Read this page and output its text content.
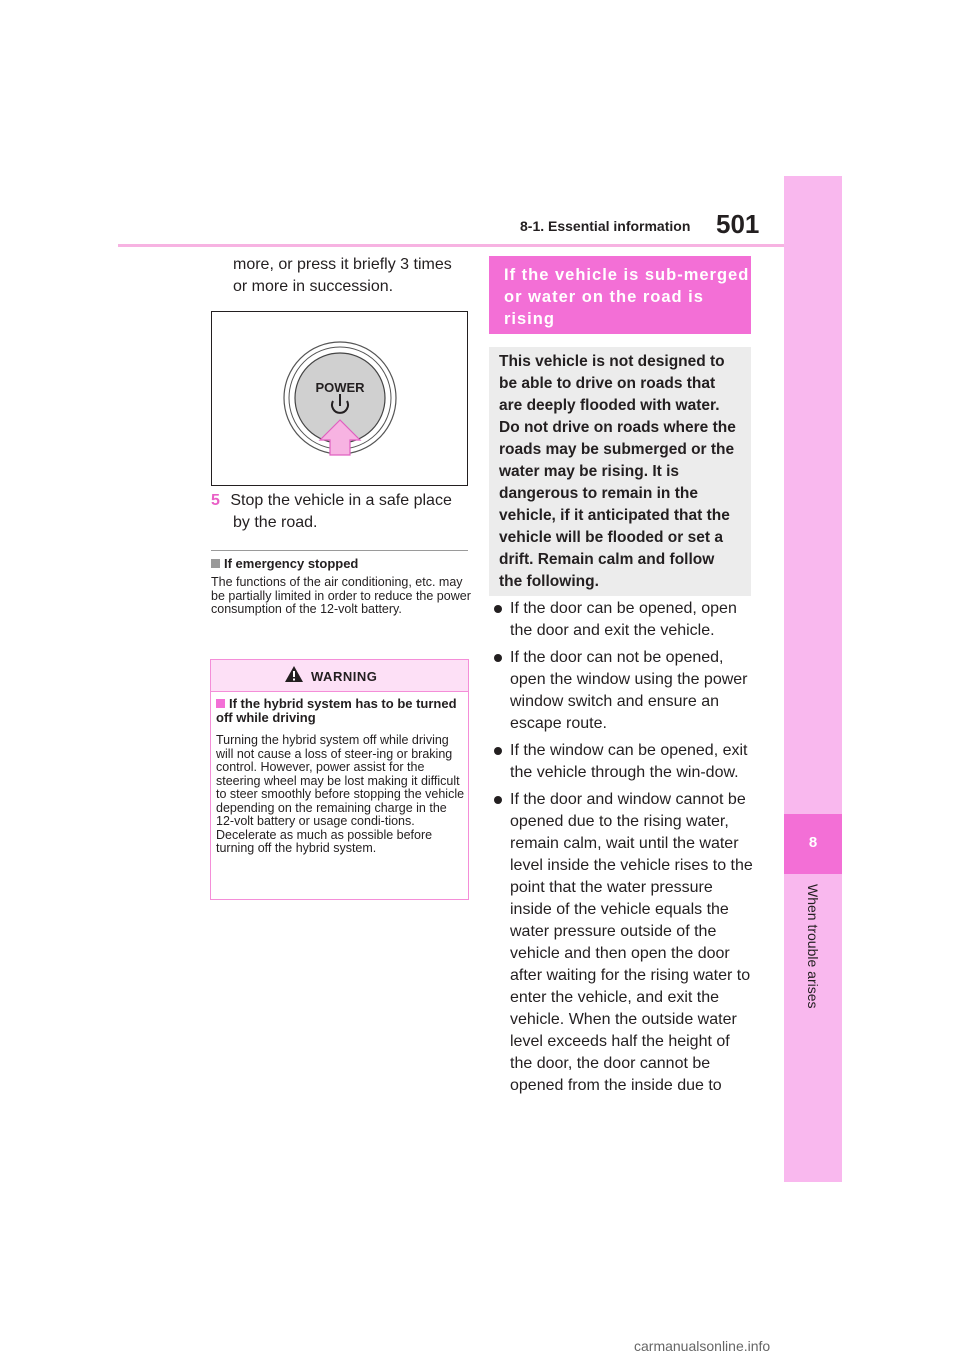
8-1. Essential information 501
8
When trouble arises
more, or press it briefly 3 times
or more in succession.
POWER
5 Stop the vehicle in a safe place
by the road.
If emergency stopped
The functions of the air conditioning, etc. may be partially limited in order to reduce the power consumption of the 12-volt battery.
WARNING
If the hybrid system has to be turned off while driving
Turning the hybrid system off while driving will not cause a loss of steer-ing or braking control. However, power assist for the steering wheel may be lost making it difficult to steer smoothly before stopping the vehicle depending on the remaining charge in the 12-volt battery or usage condi-tions. Decelerate as much as possible before turning off the hybrid system.
If the vehicle is sub-merged or water on the road is rising
This vehicle is not designed to be able to drive on roads that are deeply flooded with water. Do not drive on roads where the roads may be submerged or the water may be rising. It is dangerous to remain in the vehicle, if it anticipated that the vehicle will be flooded or set a drift. Remain calm and follow the following.
If the door can be opened, open the door and exit the vehicle.
If the door can not be opened, open the window using the power window switch and ensure an escape route.
If the window can be opened, exit the vehicle through the win-dow.
If the door and window cannot be opened due to the rising water, remain calm, wait until the water level inside the vehicle rises to the point that the water pressure inside of the vehicle equals the water pressure outside of the vehicle and then open the door after waiting for the rising water to enter the vehicle, and exit the vehicle. When the outside water level exceeds half the height of the door, the door cannot be opened from the inside due to
carmanualsonline.info
